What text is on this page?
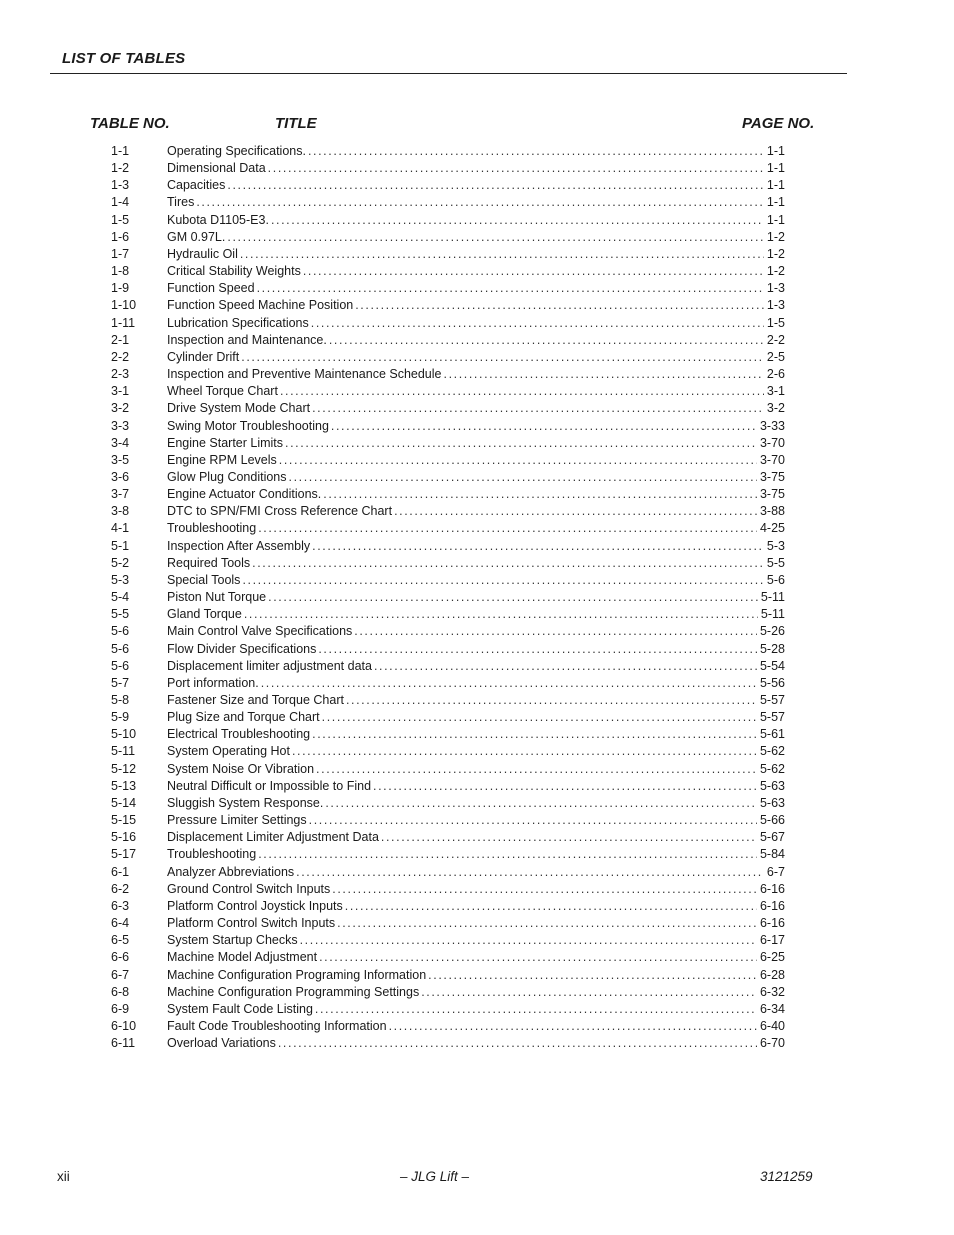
LIST OF TABLES
TABLE NO.	TITLE	PAGE NO.
1-1	Operating Specifications. .....	1-1
1-2	Dimensional Data .....	1-1
1-3	Capacities .....	1-1
1-4	Tires .....	1-1
1-5	Kubota D1105-E3. .....	1-1
1-6	GM 0.97L. .....	1-2
1-7	Hydraulic Oil .....	1-2
1-8	Critical Stability Weights .....	1-2
1-9	Function Speed .....	1-3
1-10 Function Speed Machine Position .....	1-3
1-11	Lubrication Specifications .....	1-5
2-1	Inspection and Maintenance. .....	2-2
2-2	Cylinder Drift .....	2-5
2-3	Inspection and Preventive Maintenance Schedule .....	2-6
3-1	Wheel Torque Chart .....	3-1
3-2	Drive System Mode Chart .....	3-2
3-3	Swing Motor Troubleshooting .....	3-33
3-4	Engine Starter Limits .....	3-70
3-5	Engine RPM Levels .....	3-70
3-6	Glow Plug Conditions .....	3-75
3-7	Engine Actuator Conditions. .....	3-75
3-8	DTC to SPN/FMI Cross Reference Chart .....	3-88
4-1	Troubleshooting .....	4-25
5-1	Inspection After Assembly .....	5-3
5-2	Required Tools .....	5-5
5-3	Special Tools .....	5-6
5-4	Piston Nut Torque .....	5-11
5-5	Gland Torque .....	5-11
5-6	Main Control Valve Specifications .....	5-26
5-6	Flow Divider Specifications .....	5-28
5-6	Displacement limiter adjustment data .....	5-54
5-7	Port information. .....	5-56
5-8	Fastener Size and Torque Chart .....	5-57
5-9	Plug Size and Torque Chart .....	5-57
5-10 Electrical Troubleshooting .....	5-61
5-11	System Operating Hot .....	5-62
5-12 System Noise Or Vibration .....	5-62
5-13 Neutral Difficult or Impossible to Find .....	5-63
5-14 Sluggish System Response. .....	5-63
5-15 Pressure Limiter Settings .....	5-66
5-16 Displacement Limiter Adjustment Data .....	5-67
5-17 Troubleshooting .....	5-84
6-1	Analyzer Abbreviations .....	6-7
6-2	Ground Control Switch Inputs .....	6-16
6-3	Platform Control Joystick Inputs .....	6-16
6-4	Platform Control Switch Inputs .....	6-16
6-5	System Startup Checks .....	6-17
6-6	Machine Model Adjustment .....	6-25
6-7	Machine Configuration Programing Information .....	6-28
6-8	Machine Configuration Programming Settings .....	6-32
6-9	System Fault Code Listing .....	6-34
6-10 Fault Code Troubleshooting Information .....	6-40
6-11	Overload Variations .....	6-70
xii	– JLG Lift –	3121259
